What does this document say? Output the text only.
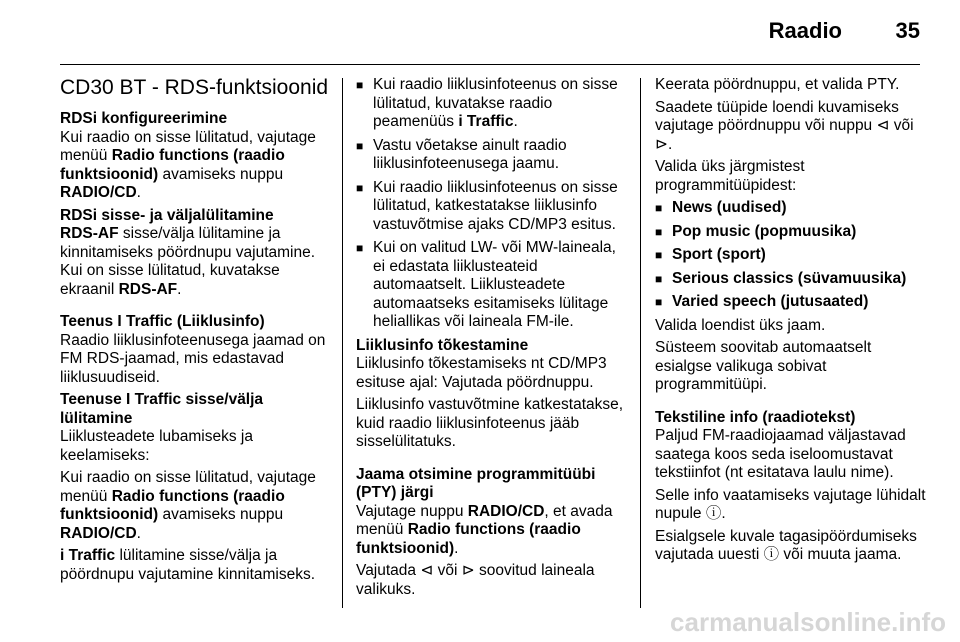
Raadio 35
CD30 BT - RDS-funktsioonid

RDSi konfigureerimine

Kui raadio on sisse lülitatud, vajutage menüü Radio functions (raadio funktsioonid) avamiseks nuppu RADIO/CD.

RDSi sisse- ja väljalülitamine

RDS-AF sisse/välja lülitamine ja kinnitamiseks pöördnupu vajutamine. Kui on sisse lülitatud, kuvatakse ekraanil RDS-AF.

Teenus I Traffic (Liiklusinfo)

Raadio liiklusinfoteenusega jaamad on FM RDS-jaamad, mis edastavad liiklusuudiseid.

Teenuse I Traffic sisse/välja lülitamine

Liiklusteadete lubamiseks ja keelamiseks:

Kui raadio on sisse lülitatud, vajutage menüü Radio functions (raadio funktsioonid) avamiseks nuppu RADIO/CD.

i Traffic lülitamine sisse/välja ja pöördnupu vajutamine kinnitamiseks.

■ Kui raadio liiklusinfoteenus on sisse lülitatud, kuvatakse raadio peamenüüs i Traffic.
■ Vastu võetakse ainult raadio liiklusinfoteenusega jaamu.
■ Kui raadio liiklusinfoteenus on sisse lülitatud, katkestatakse liiklusinfo vastuvõtmise ajaks CD/MP3 esitus.
■ Kui on valitud LW- või MW-laineala, ei edastata liiklusteateid automaatselt. Liiklusteadete automaatseks esitamiseks lülitage heliallikas või laineala FM-ile.

Liiklusinfo tõkestamine

Liiklusinfo tõkestamiseks nt CD/MP3 esituse ajal: Vajutada pöördnuppu.

Liiklusinfo vastuvõtmine katkestatakse, kuid raadio liiklusinfoteenus jääb sisselülitatuks.

Jaama otsimine programmitüübi (PTY) järgi

Vajutage nuppu RADIO/CD, et avada menüü Radio functions (raadio funktsioonid).

Vajutada ⊲ või ⊳ soovitud laineala valikuks.

Keerata pöördnuppu, et valida PTY.

Saadete tüüpide loendi kuvamiseks vajutage pöördnuppu või nuppu ⊲ või ⊳.

Valida üks järgmistest programmitüüpidest:

■ News (uudised)
■ Pop music (popmuusika)
■ Sport (sport)
■ Serious classics (süvamuusika)
■ Varied speech (jutusaated)

Valida loendist üks jaam.

Süsteem soovitab automaatselt esialgse valikuga sobivat programmitüüpi.

Tekstiline info (raadiotekst)

Paljud FM-raadiojaamad väljastavad saatega koos seda iseloomustavat tekstiinfot (nt esitatava laulu nime).

Selle info vaatamiseks vajutage lühidalt nupule ⓘ.

Esialgsele kuvale tagasipöördumiseks vajutada uuesti ⓘ või muuta jaama.

carmanualsonline.info
